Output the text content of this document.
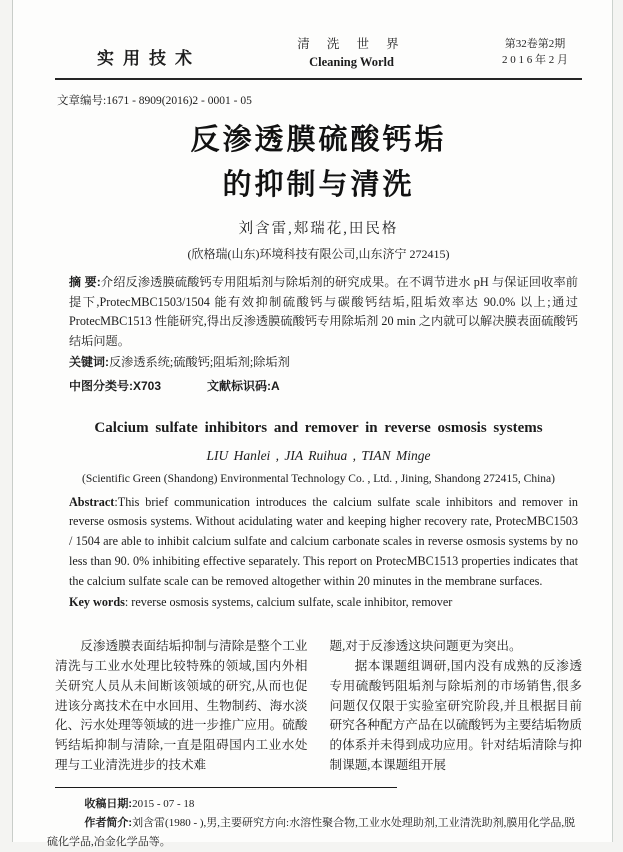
实用技术
清 洗 世 界
Cleaning World
第32卷第2期
2 0 1 6 年 2 月
文章编号:1671 - 8909(2016)2 - 0001 - 05
反渗透膜硫酸钙垢
的抑制与清洗
刘含雷,郏瑞花,田民格
(欣格瑞(山东)环境科技有限公司,山东济宁 272415)
摘 要:介绍反渗透膜硫酸钙专用阻垢剂与除垢剂的研究成果。在不调节进水 pH 与保证回收率前提下,ProtecMBC1503/1504 能有效抑制硫酸钙与碳酸钙结垢,阻垢效率达 90.0% 以上;通过 ProtecMBC1513 性能研究,得出反渗透膜硫酸钙专用除垢剂 20 min 之内就可以解决膜表面硫酸钙结垢问题。
关键词:反渗透系统;硫酸钙;阻垢剂;除垢剂
中图分类号:X703	文献标识码:A
Calcium sulfate inhibitors and remover in reverse osmosis systems
LIU Hanlei , JIA Ruihua , TIAN Minge
(Scientific Green (Shandong) Environmental Technology Co. , Ltd. , Jining, Shandong 272415, China)
Abstract:This brief communication introduces the calcium sulfate scale inhibitors and remover in reverse osmosis systems. Without acidulating water and keeping higher recovery rate, ProtecMBC1503 / 1504 are able to inhibit calcium sulfate and calcium carbonate scales in reverse osmosis systems by no less than 90. 0% inhibiting effective separately. This report on ProtecMBC1513 properties indicates that the calcium sulfate scale can be removed altogether within 20 minutes in the membrane surfaces.
Key words: reverse osmosis systems, calcium sulfate, scale inhibitor, remover

反渗透膜表面结垢抑制与清除是整个工业清洗与工业水处理比较特殊的领域,国内外相关研究人员从未间断该领域的研究,从而也促进该分离技术在中水回用、生物制药、海水淡化、污水处理等领域的进一步推广应用。硫酸钙结垢抑制与清除,一直是阻碍国内工业水处理与工业清洗进步的技术难

题,对于反渗透这块问题更为突出。

据本课题组调研,国内没有成熟的反渗透专用硫酸钙阻垢剂与除垢剂的市场销售,很多问题仅仅限于实验室研究阶段,并且根据目前研究各种配方产品在以硫酸钙为主要结垢物质的体系并未得到成功应用。针对结垢清除与抑制课题,本课题组开展

收稿日期:2015 - 07 - 18

作者简介:刘含雷(1980 - ),男,主要研究方向:水溶性聚合物,工业水处理助剂,工业清洗助剂,膜用化学品,脱硫化学品,冶金化学品等。
